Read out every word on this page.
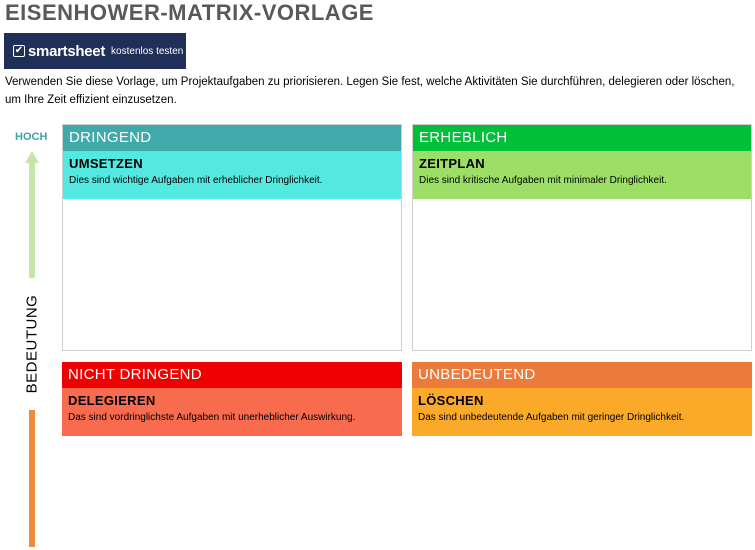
EISENHOWER-MATRIX-VORLAGE
✔ smartsheet kostenlos testen
Verwenden Sie diese Vorlage, um Projektaufgaben zu priorisieren. Legen Sie fest, welche Aktivitäten Sie durchführen, delegieren oder löschen, um Ihre Zeit effizient einzusetzen.
HOCH
BEDEUTUNG
DRINGEND
UMSETZEN
Dies sind wichtige Aufgaben mit erheblicher Dringlichkeit.
ERHEBLICH
ZEITPLAN
Dies sind kritische Aufgaben mit minimaler Dringlichkeit.
NICHT DRINGEND
DELEGIEREN
Das sind vordringlichste Aufgaben mit unerheblicher Auswirkung.
UNBEDEUTEND
LÖSCHEN
Das sind unbedeutende Aufgaben mit geringer Dringlichkeit.
